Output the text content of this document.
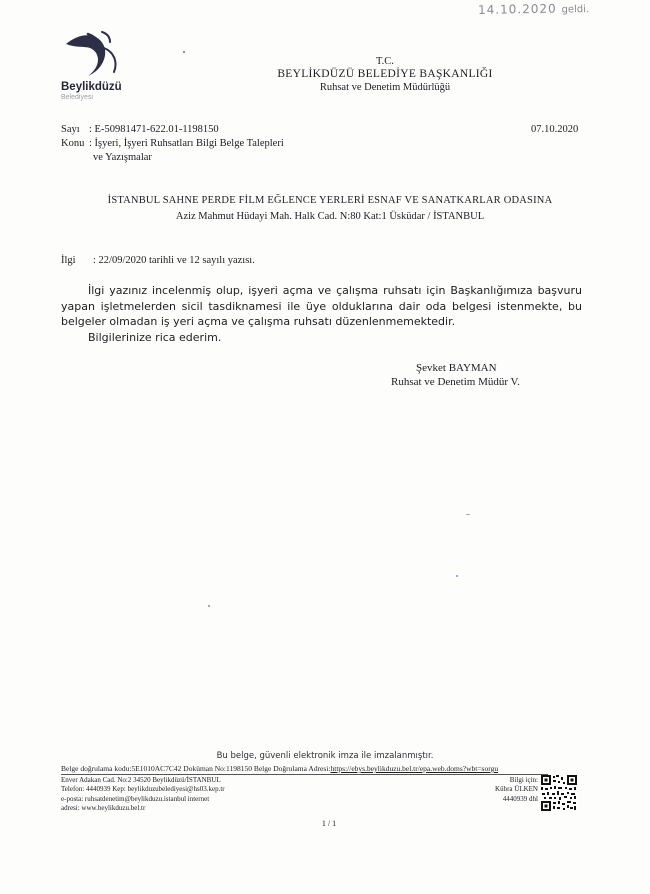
14.10.2020 geldi.
Beylikdüzü
Belediyesi
T.C.
BEYLİKDÜZÜ BELEDİYE BAŞKANLIĞI
Ruhsat ve Denetim Müdürlüğü
Sayı : E-50981471-622.01-1198150	07.10.2020
Konu : İşyeri, İşyeri Ruhsatları Bilgi Belge Talepleri
ve Yazışmalar
İSTANBUL SAHNE PERDE FİLM EĞLENCE YERLERİ ESNAF VE SANATKARLAR ODASINA
Aziz Mahmut Hüdayi Mah. Halk Cad. N:80 Kat:1 Üsküdar / İSTANBUL
İlgi : 22/09/2020 tarihli ve 12 sayılı yazısı.
İlgi yazınız incelenmiş olup, işyeri açma ve çalışma ruhsatı için Başkanlığımıza başvuru yapan işletmelerden sicil tasdiknamesi ile üye olduklarına dair oda belgesi istenmekte, bu belgeler olmadan iş yeri açma ve çalışma ruhsatı düzenlenmemektedir.
Bilgilerinize rica ederim.
Şevket BAYMAN
Ruhsat ve Denetim Müdür V.
Bu belge, güvenli elektronik imza ile imzalanmıştır.
Belge doğrulama kodu:5E1010AC7C42 Doküman No:1198150 Belge Doğrulama Adresi:https://ebys.beylikduzu.bel.tr/epa.web.doms?wbt=sorgu
Enver Adakan Cad. No:2 34520 Beylikdüzü/İSTANBUL
Telefon: 4440939 Kep: beylikduzubelediyesi@hs03.kep.tr
e-posta: ruhsatdenetim@beylikduzu.istanbul internet
adresi: www.beylikduzu.bel.tr
Bilgi için:
Kübra ÜLKEN
4440939 dhl
1 / 1
